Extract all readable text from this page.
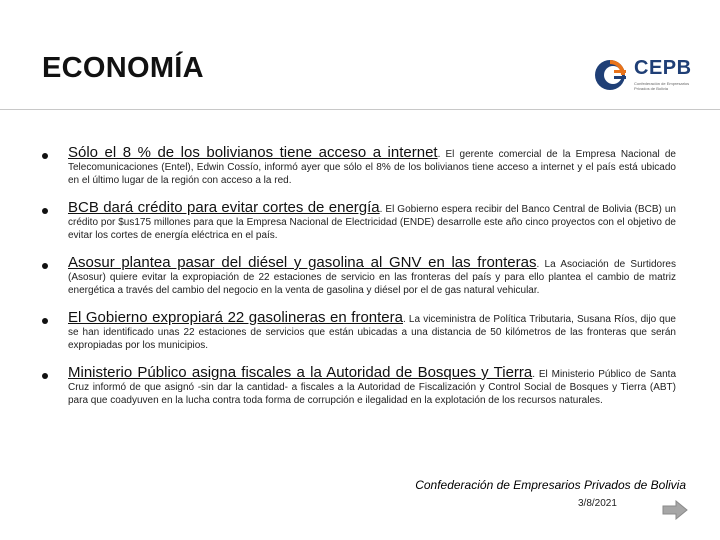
ECONOMÍA	CEPB
Confederación de Empresarios Privados de Bolivia

Sólo el 8 % de los bolivianos tiene acceso a internet. El gerente comercial de la Empresa Nacional de Telecomunicaciones (Entel), Edwin Cossío, informó ayer que sólo el 8% de los bolivianos tiene acceso a internet y el país está ubicado en el último lugar de la región con acceso a la red.

BCB dará crédito para evitar cortes de energía. El Gobierno espera recibir del Banco Central de Bolivia (BCB) un crédito por $us175 millones para que la Empresa Nacional de Electricidad (ENDE) desarrolle este año cinco proyectos con el objetivo de evitar los cortes de energía eléctrica en el país.

Asosur plantea pasar del diésel y gasolina al GNV en las fronteras. La Asociación de Surtidores (Asosur) quiere evitar la expropiación de 22 estaciones de servicio en las fronteras del país y para ello plantea el cambio de matriz energética a través del cambio del negocio en la venta de gasolina y diésel por el de gas natural vehicular.

El Gobierno expropiará 22 gasolineras en frontera. La viceministra de Política Tributaria, Susana Ríos, dijo que se han identificado unas 22 estaciones de servicios que están ubicadas a una distancia de 50 kilómetros de las fronteras que serán expropiadas por los municipios.

Ministerio Público asigna fiscales a la Autoridad de Bosques y Tierra. El Ministerio Público de Santa Cruz informó de que asignó -sin dar la cantidad- a fiscales a la Autoridad de Fiscalización y Control Social de Bosques y Tierra (ABT) para que coadyuven en la lucha contra toda forma de corrupción e ilegalidad en la explotación de los recursos naturales.

Confederación de Empresarios Privados de Bolivia
3/8/2021
